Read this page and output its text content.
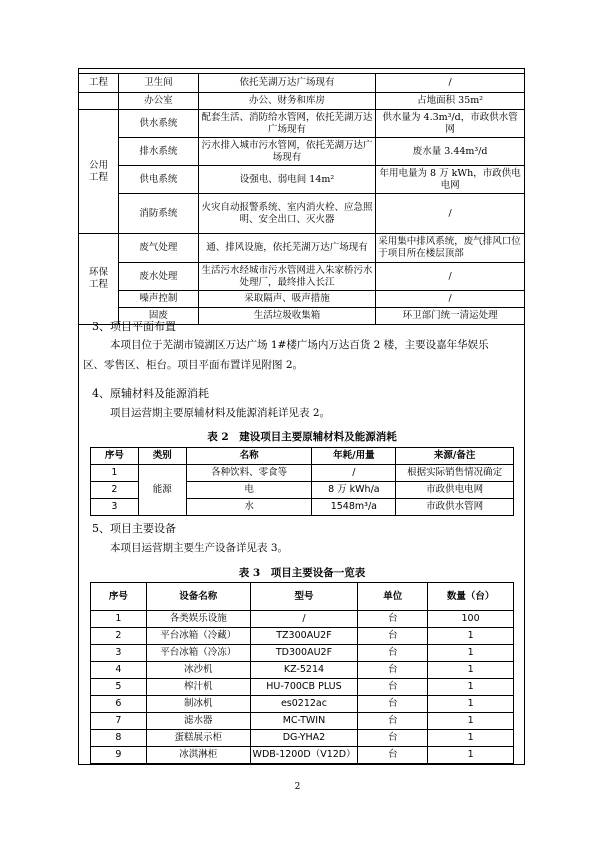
工程	卫生间	依托芜湖万达广场现有	/
	办公室	办公、财务和库房	占地面积 35m²
公用
工程	供水系统	配套生活、消防给水管网，依托芜湖万达广场现有	供水量为 4.3m³/d，市政供水管网
	排水系统	污水排入城市污水管网，依托芜湖万达广场现有	废水量 3.44m³/d
	供电系统	设强电、弱电间 14m²	年用电量为 8 万 kWh，市政供电电网
	消防系统	火灾自动报警系统、室内消火栓、应急照明、安全出口、灭火器	/
环保
工程	废气处理	通、排风设施，依托芜湖万达广场现有	采用集中排风系统，废气排风口位于项目所在楼层顶部
	废水处理	生活污水经城市污水管网进入朱家桥污水处理厂，最终排入长江	/
	噪声控制	采取隔声、吸声措施	/
	固废	生活垃圾收集箱	环卫部门统一清运处理
3、项目平面布置
本项目位于芜湖市镜湖区万达广场 1#楼广场内万达百货 2 楼，主要设嘉年华娱乐
区、零售区、柜台。项目平面布置详见附图 2。
4、原辅材料及能源消耗
项目运营期主要原辅材料及能源消耗详见表 2。
表 2　建设项目主要原辅材料及能源消耗
序号	类别	名称	年耗/用量	来源/备注
1	能源	各种饮料、零食等	/	根据实际销售情况确定
2		电	8 万 kWh/a	市政供电电网
3		水	1548m³/a	市政供水管网
5、项目主要设备
本项目运营期主要生产设备详见表 3。
表 3　项目主要设备一览表
序号	设备名称	型号	单位	数量（台）
1	各类娱乐设施	/	台	100
2	平台冰箱（冷藏）	TZ300AU2F	台	1
3	平台冰箱（冷冻）	TD300AU2F	台	1
4	冰沙机	KZ-5214	台	1
5	榨汁机	HU-700CB PLUS	台	1
6	制冰机	es0212ac	台	1
7	滤水器	MC-TWIN	台	1
8	蛋糕展示柜	DG-YHA2	台	1
9	冰淇淋柜	WDB-1200D（V12D）	台	1
2
